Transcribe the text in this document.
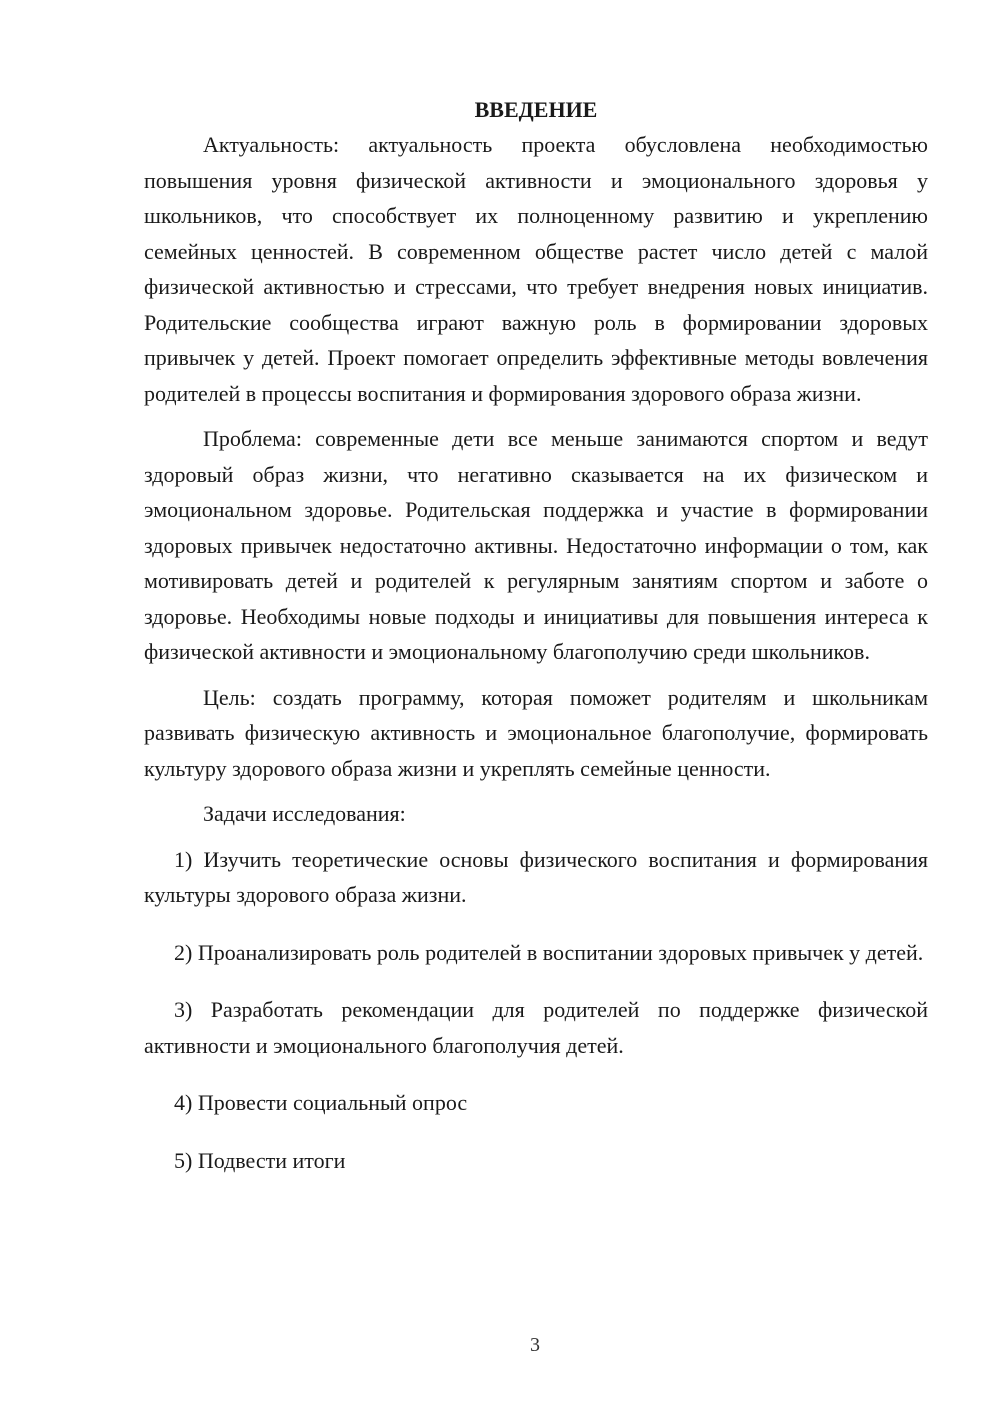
ВВЕДЕНИЕ

Актуальность: актуальность проекта обусловлена необходимостью повышения уровня физической активности и эмоционального здоровья у школьников, что способствует их полноценному развитию и укреплению семейных ценностей. В современном обществе растет число детей с малой физической активностью и стрессами, что требует внедрения новых инициатив. Родительские сообщества играют важную роль в формировании здоровых привычек у детей. Проект помогает определить эффективные методы вовлечения родителей в процессы воспитания и формирования здорового образа жизни.

Проблема: современные дети все меньше занимаются спортом и ведут здоровый образ жизни, что негативно сказывается на их физическом и эмоциональном здоровье. Родительская поддержка и участие в формировании здоровых привычек недостаточно активны. Недостаточно информации о том, как мотивировать детей и родителей к регулярным занятиям спортом и заботе о здоровье. Необходимы новые подходы и инициативы для повышения интереса к физической активности и эмоциональному благополучию среди школьников.

Цель: создать программу, которая поможет родителям и школьникам развивать физическую активность и эмоциональное благополучие, формировать культуру здорового образа жизни и укреплять семейные ценности.

Задачи исследования:

1) Изучить теоретические основы физического воспитания и формирования культуры здорового образа жизни.

2) Проанализировать роль родителей в воспитании здоровых привычек у детей.

3) Разработать рекомендации для родителей по поддержке физической активности и эмоционального благополучия детей.

4) Провести социальный опрос

5) Подвести итоги

3
